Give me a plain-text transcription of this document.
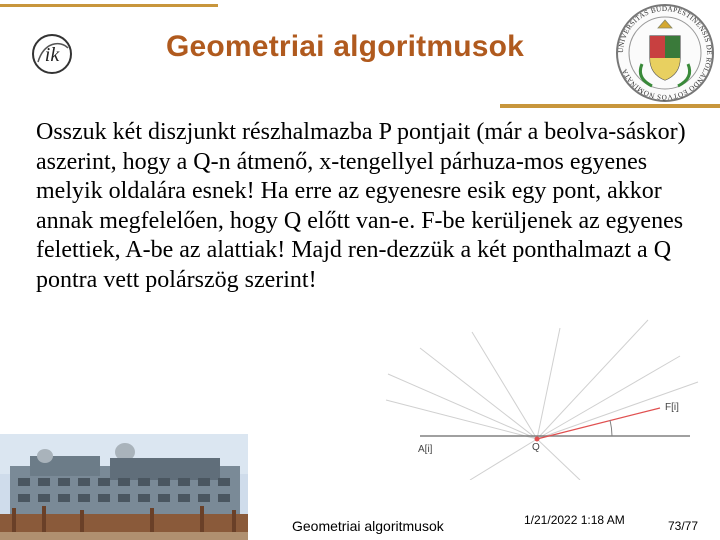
ik	Geometriai algoritmusok	UNIVERSITAS BUDAPESTINENSIS DE ROLANDO EÖTVÖS NOMINATA
Osszuk két diszjunkt részhalmazba P pontjait (már a beolva-sáskor) aszerint, hogy a Q-n átmenő, x-tengellyel párhuza-mos egyenes melyik oldalára esnek! Ha erre az egyenesre esik egy pont, akkor annak megfelelően, hogy Q előtt van-e. F-be kerüljenek az egyenes felettiek, A-be az alattiak! Majd ren-dezzük a két ponthalmazt a Q pontra vett polárszög szerint!
F[i]
A[i]	Q
Geometriai algoritmusok	1/21/2022 1:18 AM	73/77
